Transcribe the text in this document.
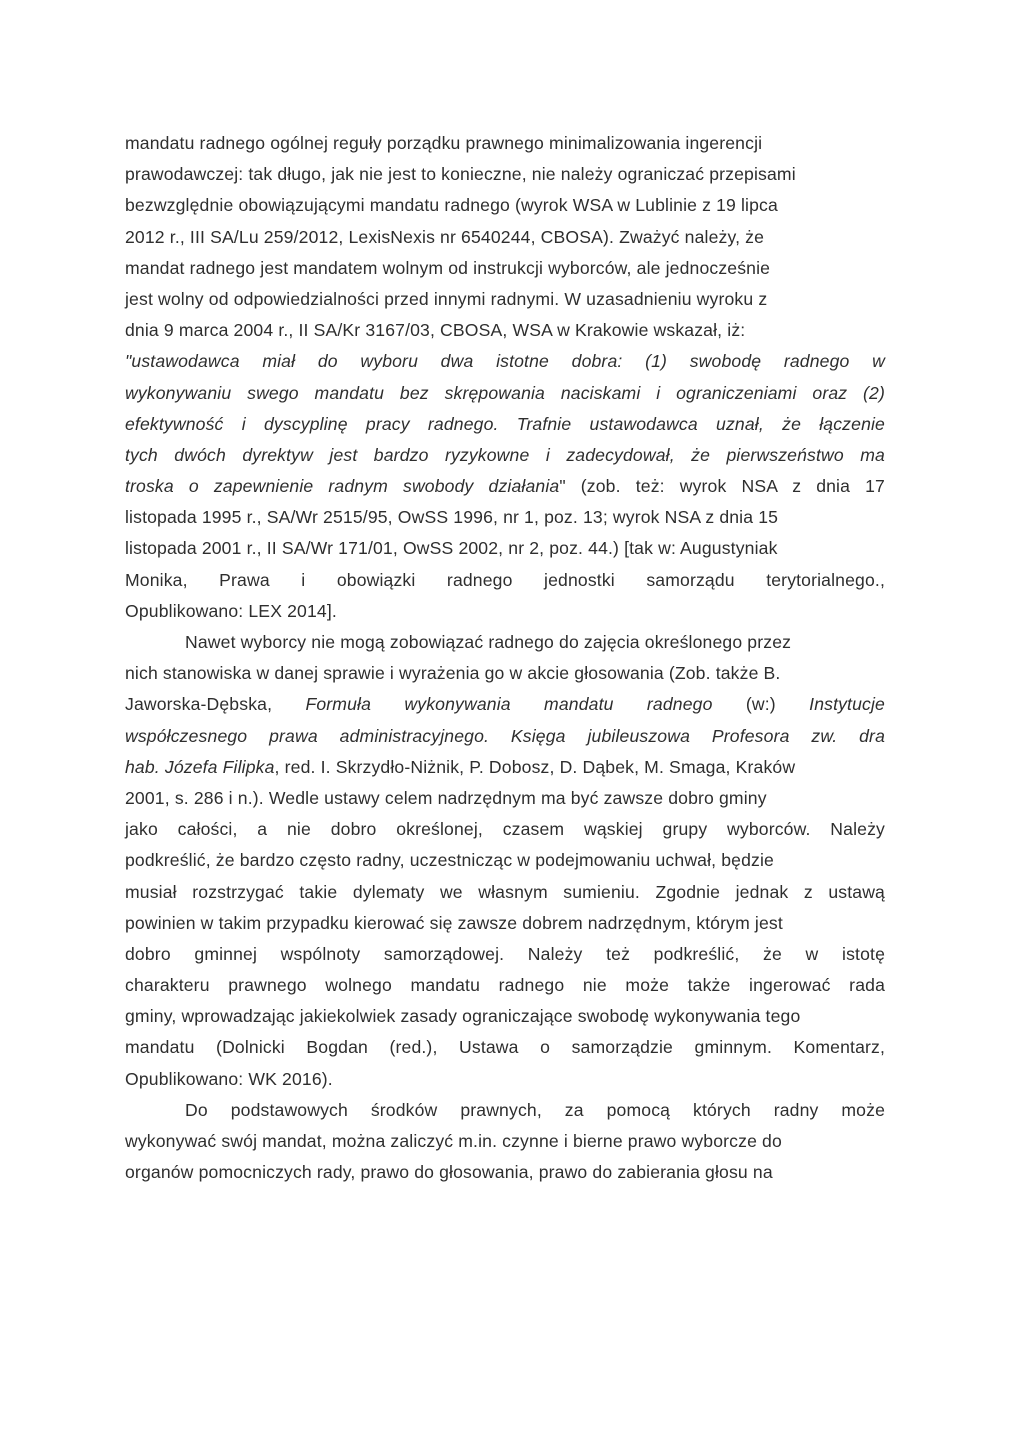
mandatu radnego ogólnej reguły porządku prawnego minimalizowania ingerencji
prawodawczej: tak długo, jak nie jest to konieczne, nie należy ograniczać przepisami
bezwzględnie obowiązującymi mandatu radnego (wyrok WSA w Lublinie z 19 lipca
2012 r., III SA/Lu 259/2012, LexisNexis nr 6540244, CBOSA). Zważyć należy, że
mandat radnego jest mandatem wolnym od instrukcji wyborców, ale jednocześnie
jest wolny od odpowiedzialności przed innymi radnymi. W uzasadnieniu wyroku z
dnia 9 marca 2004 r., II SA/Kr 3167/03, CBOSA, WSA w Krakowie wskazał, iż:
"ustawodawca miał do wyboru dwa istotne dobra: (1) swobodę radnego w
wykonywaniu swego mandatu bez skrępowania naciskami i ograniczeniami oraz (2)
efektywność i dyscyplinę pracy radnego. Trafnie ustawodawca uznał, że łączenie
tych dwóch dyrektyw jest bardzo ryzykowne i zadecydował, że pierwszeństwo ma
troska o zapewnienie radnym swobody działania" (zob. też: wyrok NSA z dnia 17
listopada 1995 r., SA/Wr 2515/95, OwSS 1996, nr 1, poz. 13; wyrok NSA z dnia 15
listopada 2001 r., II SA/Wr 171/01, OwSS 2002, nr 2, poz. 44.) [tak w: Augustyniak
Monika, Prawa i obowiązki radnego jednostki samorządu terytorialnego.,
Opublikowano: LEX 2014].
Nawet wyborcy nie mogą zobowiązać radnego do zajęcia określonego przez
nich stanowiska w danej sprawie i wyrażenia go w akcie głosowania (Zob. także B.
Jaworska-Dębska, Formuła wykonywania mandatu radnego (w:) Instytucje
współczesnego prawa administracyjnego. Księga jubileuszowa Profesora zw. dra
hab. Józefa Filipka, red. I. Skrzydło-Niżnik, P. Dobosz, D. Dąbek, M. Smaga, Kraków
2001, s. 286 i n.). Wedle ustawy celem nadrzędnym ma być zawsze dobro gminy
jako całości, a nie dobro określonej, czasem wąskiej grupy wyborców. Należy
podkreślić, że bardzo często radny, uczestnicząc w podejmowaniu uchwał, będzie
musiał rozstrzygać takie dylematy we własnym sumieniu. Zgodnie jednak z ustawą
powinien w takim przypadku kierować się zawsze dobrem nadrzędnym, którym jest
dobro gminnej wspólnoty samorządowej. Należy też podkreślić, że w istotę
charakteru prawnego wolnego mandatu radnego nie może także ingerować rada
gminy, wprowadzając jakiekolwiek zasady ograniczające swobodę wykonywania tego
mandatu (Dolnicki Bogdan (red.), Ustawa o samorządzie gminnym. Komentarz,
Opublikowano: WK 2016).
Do podstawowych środków prawnych, za pomocą których radny może
wykonywać swój mandat, można zaliczyć m.in. czynne i bierne prawo wyborcze do
organów pomocniczych rady, prawo do głosowania, prawo do zabierania głosu na
